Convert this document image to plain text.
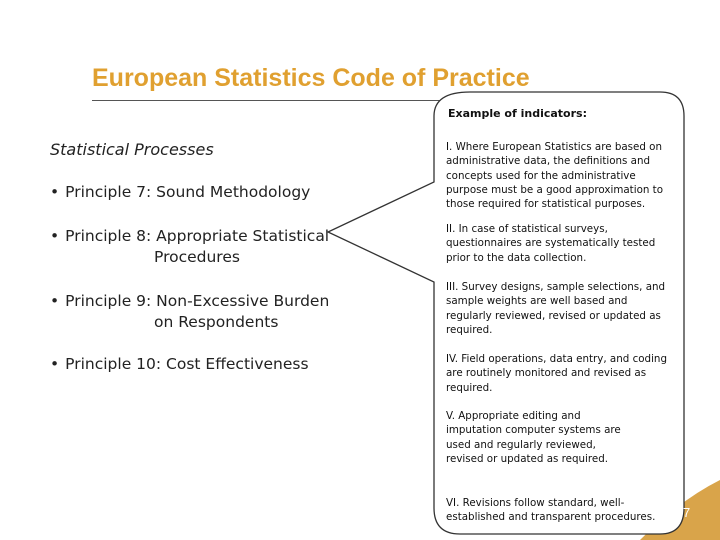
European Statistics Code of Practice
Statistical Processes
• Principle 7: Sound Methodology
• Principle 8: Appropriate Statistical
Procedures
• Principle 9: Non-Excessive Burden
on Respondents
• Principle 10: Cost Effectiveness
Example of indicators:
I. Where European Statistics are based on administrative data, the definitions and concepts used for the administrative purpose must be a good approximation to those required for statistical purposes.
II. In case of statistical surveys, questionnaires are systematically tested prior to the data collection.
III. Survey designs, sample selections, and sample weights are well based and regularly reviewed, revised or updated as required.
IV. Field operations, data entry, and coding are routinely monitored and revised as required.
V. Appropriate editing and imputation computer systems are used and regularly reviewed, revised or updated as required.
VI. Revisions follow standard, well-established and transparent procedures.	7
